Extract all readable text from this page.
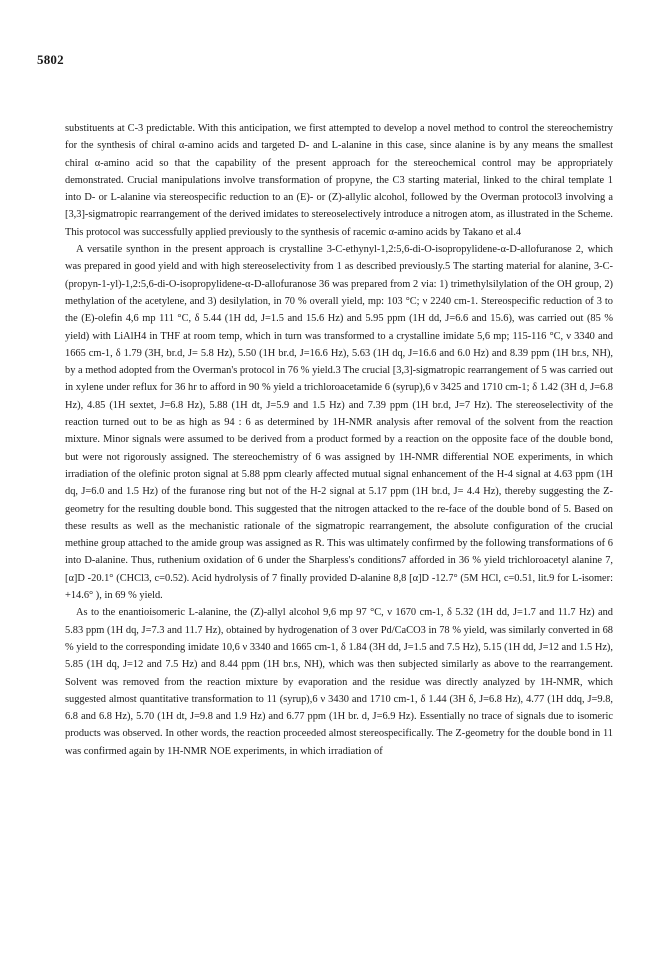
5802

substituents at C-3 predictable. With this anticipation, we first attempted to develop a novel method to control the stereochemistry for the synthesis of chiral α-amino acids and targeted D- and L-alanine in this case, since alanine is by any means the smallest chiral α-amino acid so that the capability of the present approach for the stereochemical control may be appropriately demonstrated. Crucial manipulations involve transformation of propyne, the C3 starting material, linked to the chiral template 1 into D- or L-alanine via stereospecific reduction to an (E)- or (Z)-allylic alcohol, followed by the Overman protocol3 involving a [3,3]-sigmatropic rearrangement of the derived imidates to stereoselectively introduce a nitrogen atom, as illustrated in the Scheme. This protocol was successfully applied previously to the synthesis of racemic α-amino acids by Takano et al.4

A versatile synthon in the present approach is crystalline 3-C-ethynyl-1,2:5,6-di-O-isopropylidene-α-D-allofuranose 2, which was prepared in good yield and with high stereoselectivity from 1 as described previously.5 The starting material for alanine, 3-C-(propyn-1-yl)-1,2:5,6-di-O-isopropylidene-α-D-allofuranose 36 was prepared from 2 via: 1) trimethylsilylation of the OH group, 2) methylation of the acetylene, and 3) desilylation, in 70 % overall yield, mp: 103 °C; ν 2240 cm-1. Stereospecific reduction of 3 to the (E)-olefin 4,6 mp 111 °C, δ 5.44 (1H dd, J=1.5 and 15.6 Hz) and 5.95 ppm (1H dd, J=6.6 and 15.6), was carried out (85 % yield) with LiAlH4 in THF at room temp, which in turn was transformed to a crystalline imidate 5,6 mp; 115-116 °C, ν 3340 and 1665 cm-1, δ 1.79 (3H, br.d, J= 5.8 Hz), 5.50 (1H br.d, J=16.6 Hz), 5.63 (1H dq, J=16.6 and 6.0 Hz) and 8.39 ppm (1H br.s, NH), by a method adopted from the Overman's protocol in 76 % yield.3 The crucial [3,3]-sigmatropic rearrangement of 5 was carried out in xylene under reflux for 36 hr to afford in 90 % yield a trichloroacetamide 6 (syrup),6 ν 3425 and 1710 cm-1; δ 1.42 (3H d, J=6.8 Hz), 4.85 (1H sextet, J=6.8 Hz), 5.88 (1H dt, J=5.9 and 1.5 Hz) and 7.39 ppm (1H br.d, J=7 Hz). The stereoselectivity of the reaction turned out to be as high as 94 : 6 as determined by 1H-NMR analysis after removal of the solvent from the reaction mixture. Minor signals were assumed to be derived from a product formed by a reaction on the opposite face of the double bond, but were not rigorously assigned. The stereochemistry of 6 was assigned by 1H-NMR differential NOE experiments, in which irradiation of the olefinic proton signal at 5.88 ppm clearly affected mutual signal enhancement of the H-4 signal at 4.63 ppm (1H dq, J=6.0 and 1.5 Hz) of the furanose ring but not of the H-2 signal at 5.17 ppm (1H br.d, J= 4.4 Hz), thereby suggesting the Z-geometry for the resulting double bond. This suggested that the nitrogen attacked to the re-face of the double bond of 5. Based on these results as well as the mechanistic rationale of the sigmatropic rearrangement, the absolute configuration of the crucial methine group attached to the amide group was assigned as R. This was ultimately confirmed by the following transformations of 6 into D-alanine. Thus, ruthenium oxidation of 6 under the Sharpless's conditions7 afforded in 36 % yield trichloroacetyl alanine 7, [α]D -20.1° (CHCl3, c=0.52). Acid hydrolysis of 7 finally provided D-alanine 8,8 [α]D -12.7° (5M HCl, c=0.51, lit.9 for L-isomer: +14.6° ), in 69 % yield.

As to the enantioisomeric L-alanine, the (Z)-allyl alcohol 9,6 mp 97 °C, ν 1670 cm-1, δ 5.32 (1H dd, J=1.7 and 11.7 Hz) and 5.83 ppm (1H dq, J=7.3 and 11.7 Hz), obtained by hydrogenation of 3 over Pd/CaCO3 in 78 % yield, was similarly converted in 68 % yield to the corresponding imidate 10,6 ν 3340 and 1665 cm-1, δ 1.84 (3H dd, J=1.5 and 7.5 Hz), 5.15 (1H dd, J=12 and 1.5 Hz), 5.85 (1H dq, J=12 and 7.5 Hz) and 8.44 ppm (1H br.s, NH), which was then subjected similarly as above to the rearrangement. Solvent was removed from the reaction mixture by evaporation and the residue was directly analyzed by 1H-NMR, which suggested almost quantitative transformation to 11 (syrup),6 ν 3430 and 1710 cm-1, δ 1.44 (3H δ, J=6.8 Hz), 4.77 (1H ddq, J=9.8, 6.8 and 6.8 Hz), 5.70 (1H dt, J=9.8 and 1.9 Hz) and 6.77 ppm (1H br. d, J=6.9 Hz). Essentially no trace of signals due to isomeric products was observed. In other words, the reaction proceeded almost stereospecifically. The Z-geometry for the double bond in 11 was confirmed again by 1H-NMR NOE experiments, in which irradiation of
